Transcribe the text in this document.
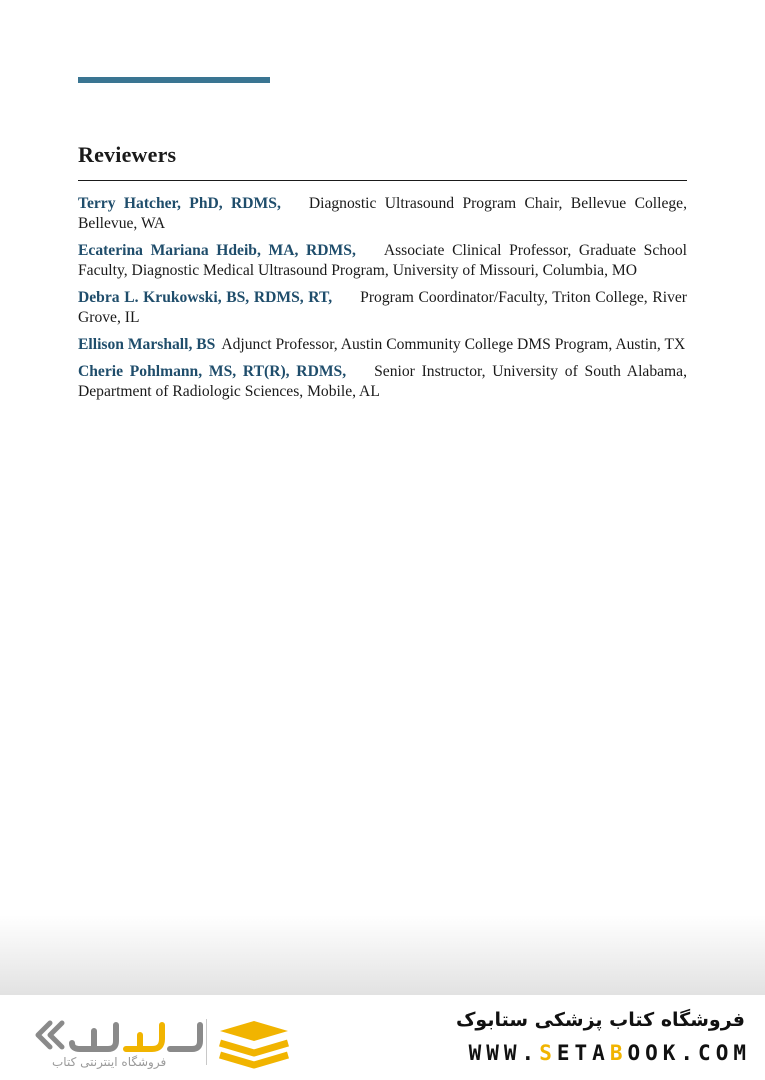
Reviewers

Terry Hatcher, PhD, RDMS, Diagnostic Ultrasound Program Chair, Bellevue College, Bellevue, WA

Ecaterina Mariana Hdeib, MA, RDMS, Associate Clinical Professor, Graduate School Faculty, Diagnostic Medical Ultrasound Program, University of Missouri, Columbia, MO

Debra L. Krukowski, BS, RDMS, RT, Program Coordinator/Faculty, Triton College, River Grove, IL

Ellison Marshall, BS Adjunct Professor, Austin Community College DMS Program, Austin, TX

Cherie Pohlmann, MS, RT(R), RDMS, Senior Instructor, University of South Alabama, Department of Radiologic Sciences, Mobile, AL

فروشگاه اینترنتی کتاب
فروشگاه کتاب پزشکی ستابوک
WWW.SETABOOK.COM
